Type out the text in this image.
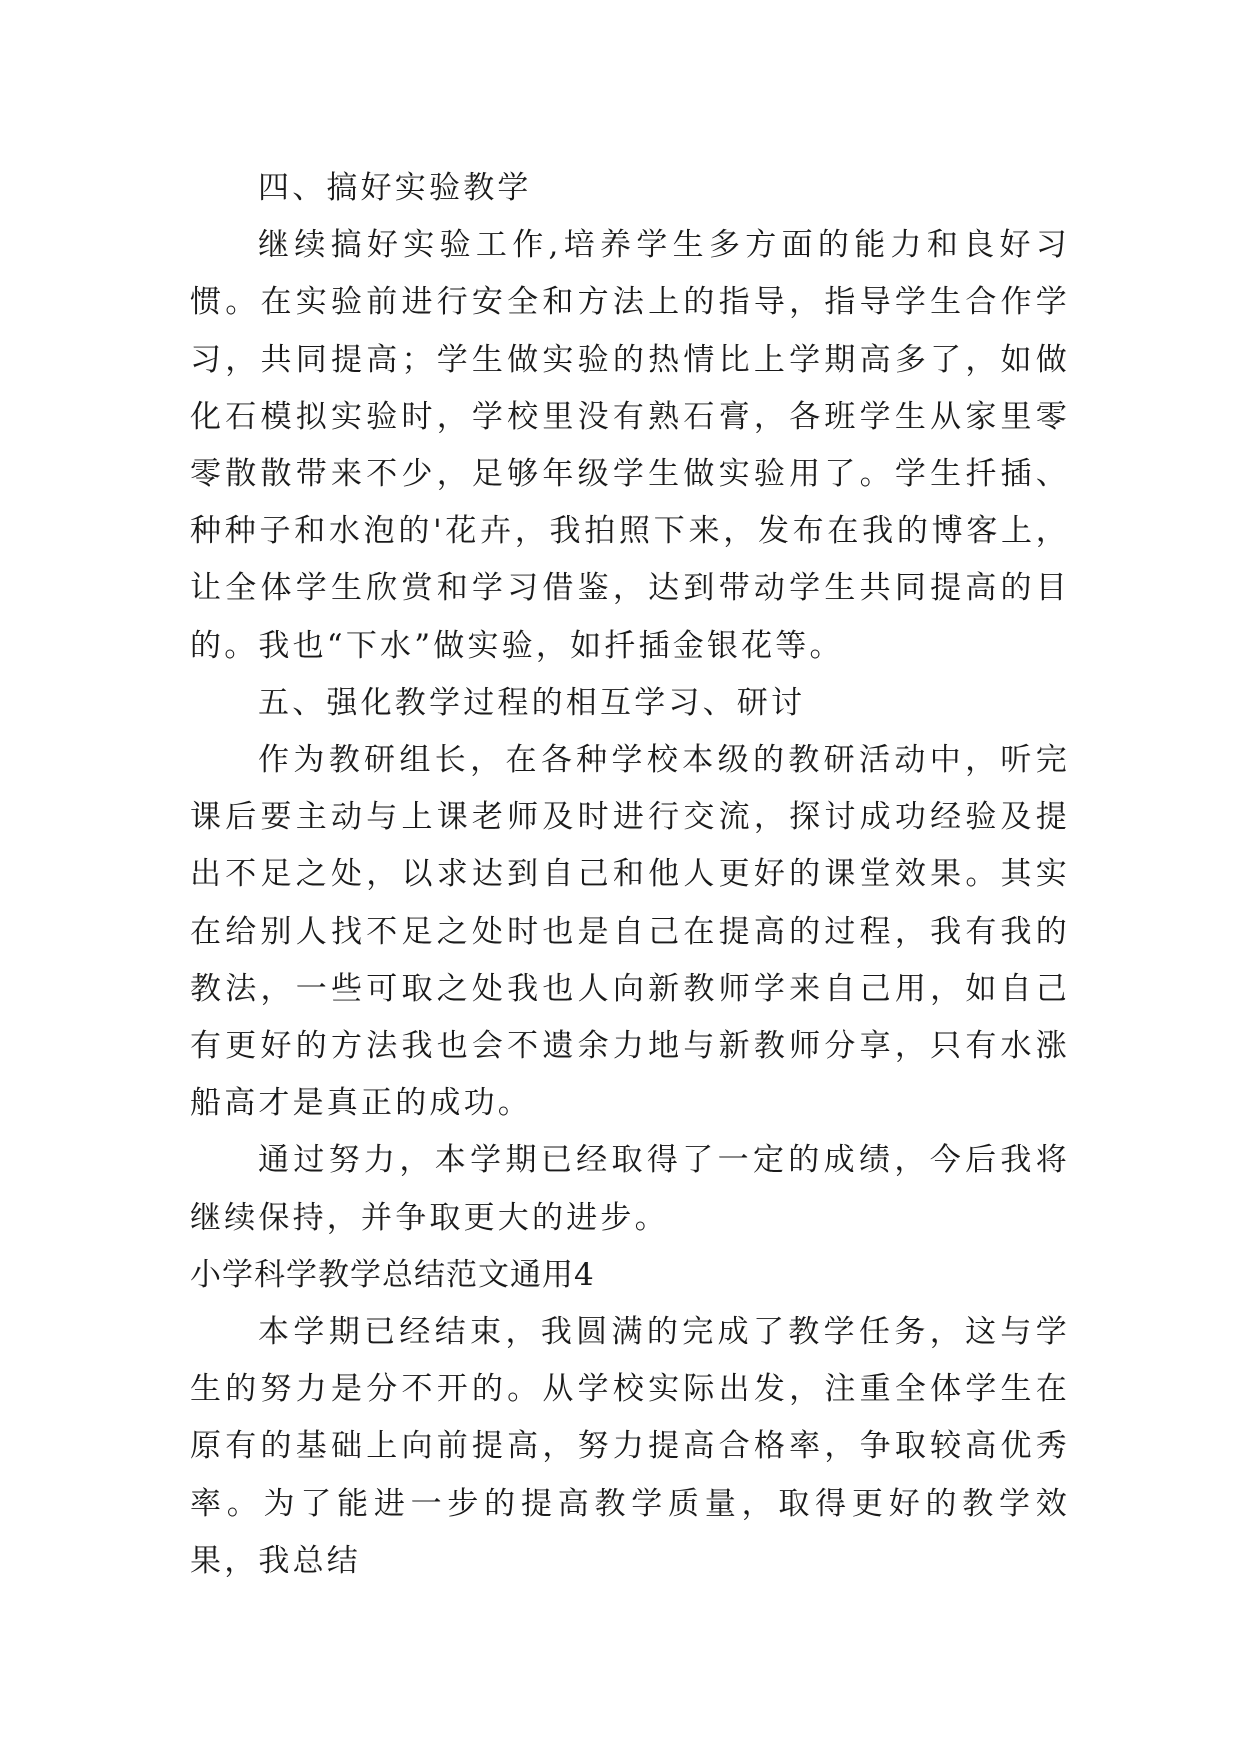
四、搞好实验教学

继续搞好实验工作,培养学生多方面的能力和良好习惯。在实验前进行安全和方法上的指导，指导学生合作学习，共同提高；学生做实验的热情比上学期高多了，如做化石模拟实验时，学校里没有熟石膏，各班学生从家里零零散散带来不少，足够年级学生做实验用了。学生扦插、种种子和水泡的'花卉，我拍照下来，发布在我的博客上，让全体学生欣赏和学习借鉴，达到带动学生共同提高的目的。我也“下水”做实验，如扦插金银花等。

五、强化教学过程的相互学习、研讨

作为教研组长，在各种学校本级的教研活动中，听完课后要主动与上课老师及时进行交流，探讨成功经验及提出不足之处，以求达到自己和他人更好的课堂效果。其实在给别人找不足之处时也是自己在提高的过程，我有我的教法，一些可取之处我也人向新教师学来自己用，如自己有更好的方法我也会不遗余力地与新教师分享，只有水涨船高才是真正的成功。

通过努力，本学期已经取得了一定的成绩，今后我将继续保持，并争取更大的进步。

小学科学教学总结范文通用4

本学期已经结束，我圆满的完成了教学任务，这与学生的努力是分不开的。从学校实际出发，注重全体学生在原有的基础上向前提高，努力提高合格率，争取较高优秀率。为了能进一步的提高教学质量，取得更好的教学效果，我总结
